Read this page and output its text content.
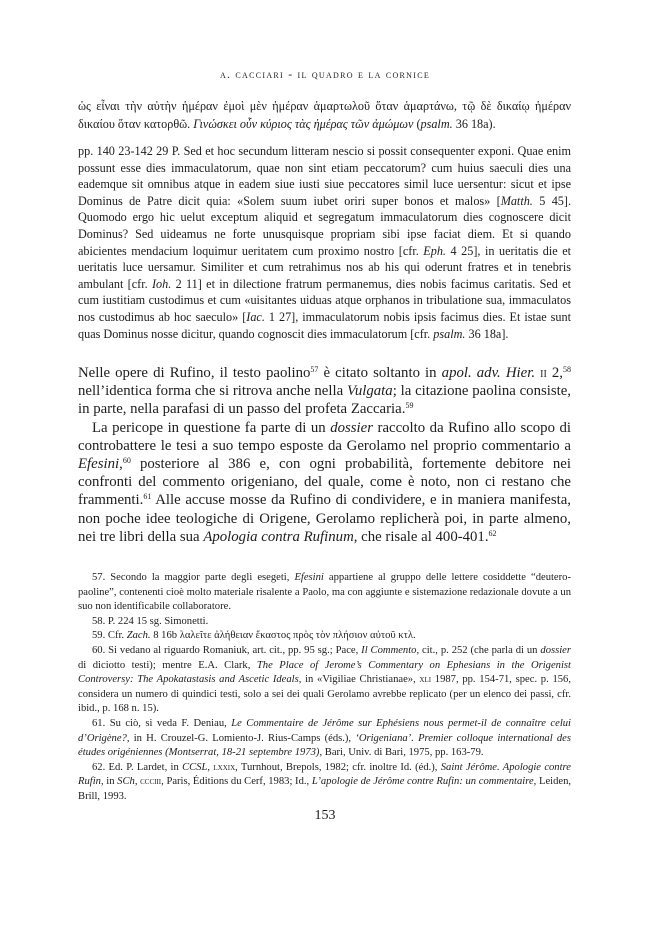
a. cacciari - il quadro e la cornice
ὡς εἶναι τὴν αὐτὴν ἡμέραν ἐμοὶ μὲν ἡμέραν ἁμαρτωλοῦ ὅταν ἁμαρτάνω, τῷ δὲ δικαίῳ ἡμέραν δικαίου ὅταν κατορθῶ. Γινώσκει οὖν κύριος τὰς ἡμέρας τῶν ἀμώμων (psalm. 36 18a).
pp. 140 23-142 29 P. Sed et hoc secundum litteram nescio si possit consequenter exponi. Quae enim possunt esse dies immaculatorum, quae non sint etiam peccatorum? cum huius saeculi dies una eademque sit omnibus atque in eadem siue iusti siue peccatores simil luce uersentur: sicut et ipse Dominus de Patre dicit quia: «Solem suum iubet oriri super bonos et malos» [Matth. 5 45]. Quomodo ergo hic uelut exceptum aliquid et segregatum immaculatorum dies cognoscere dicit Dominus? Sed uideamus ne forte unusquisque propriam sibi ipse faciat diem. Et si quando abicientes mendacium loquimur ueritatem cum proximo nostro [cfr. Eph. 4 25], in ueritatis die et ueritatis luce uersamur. Similiter et cum retrahimus nos ab his qui oderunt fratres et in tenebris ambulant [cfr. Ioh. 2 11] et in dilectione fratrum permanemus, dies nobis facimus caritatis. Sed et cum iustitiam custodimus et cum «uisitantes uiduas atque orphanos in tribulatione sua, immaculatos nos custodimus ab hoc saeculo» [Iac. 1 27], immaculatorum nobis ipsis facimus dies. Et istae sunt quas Dominus nosse dicitur, quando cognoscit dies immaculatorum [cfr. psalm. 36 18a].

Nelle opere di Rufino, il testo paolino$^{57}$ è citato soltanto in apol. adv. Hier. ii 2,58 nell’identica forma che si ritrova anche nella Vulgata; la citazione paolina consiste, in parte, nella parafasi di un passo del profeta Zaccaria.$^{59}$

La pericope in questione fa parte di un dossier raccolto da Rufino allo scopo di controbattere le tesi a suo tempo esposte da Gerolamo nel proprio commentario a Efesini,$^{60}$ posteriore al 386 e, con ogni probabilità, fortemente debitore nei confronti del commento origeniano, del quale, come è noto, non ci restano che frammenti.$^{61}$ Alle accuse mosse da Rufino di condividere, e in maniera manifesta, non poche idee teologiche di Origene, Gerolamo replicherà poi, in parte almeno, nei tre libri della sua Apologia contra Rufinum, che risale al 400-401.62

57. Secondo la maggior parte degli esegeti, Efesini appartiene al gruppo delle lettere cosiddette “deutero-paoline”, contenenti cioè molto materiale risalente a Paolo, ma con aggiunte e sistemazione redazionale dovute a un suo non identificabile collaboratore.

58. P. 224 15 sg. Simonetti.

59. Cfr. Zach. 8 16b λαλεῖτε ἀλήθειαν ἕκαστος πρὸς τὸν πλήσιον αὐτοῦ κτλ.

60. Si vedano al riguardo Romaniuk, art. cit., pp. 95 sg.; Pace, Il Commento, cit., p. 252 (che parla di un dossier di diciotto testi); mentre E.A. Clark, The Place of Jerome’s Commentary on Ephesians in the Origenist Controversy: The Apokatastasis and Ascetic Ideals, in «Vigiliae Christianae», xli 1987, pp. 154-71, spec. p. 156, considera un numero di quindici testi, solo a sei dei quali Gerolamo avrebbe replicato (per un elenco dei passi, cfr. ibid., p. 168 n. 15).

61. Su ciò, si veda F. Deniau, Le Commentaire de Jérôme sur Ephésiens nous permet-il de connaître celui d’Origène?, in H. Crouzel-G. Lomiento-J. Rius-Camps (éds.), ‘Origeniana’. Premier colloque international des études origéniennes (Montserrat, 18-21 septembre 1973), Bari, Univ. di Bari, 1975, pp. 163-79.

62. Ed. P. Lardet, in CCSL, lxxix, Turnhout, Brepols, 1982; cfr. inoltre Id. (éd.), Saint Jérôme. Apologie contre Rufin, in SCh, ccciii, Paris, Éditions du Cerf, 1983; Id., L’apologie de Jérôme contre Rufin: un commentaire, Leiden, Brill, 1993.

153
